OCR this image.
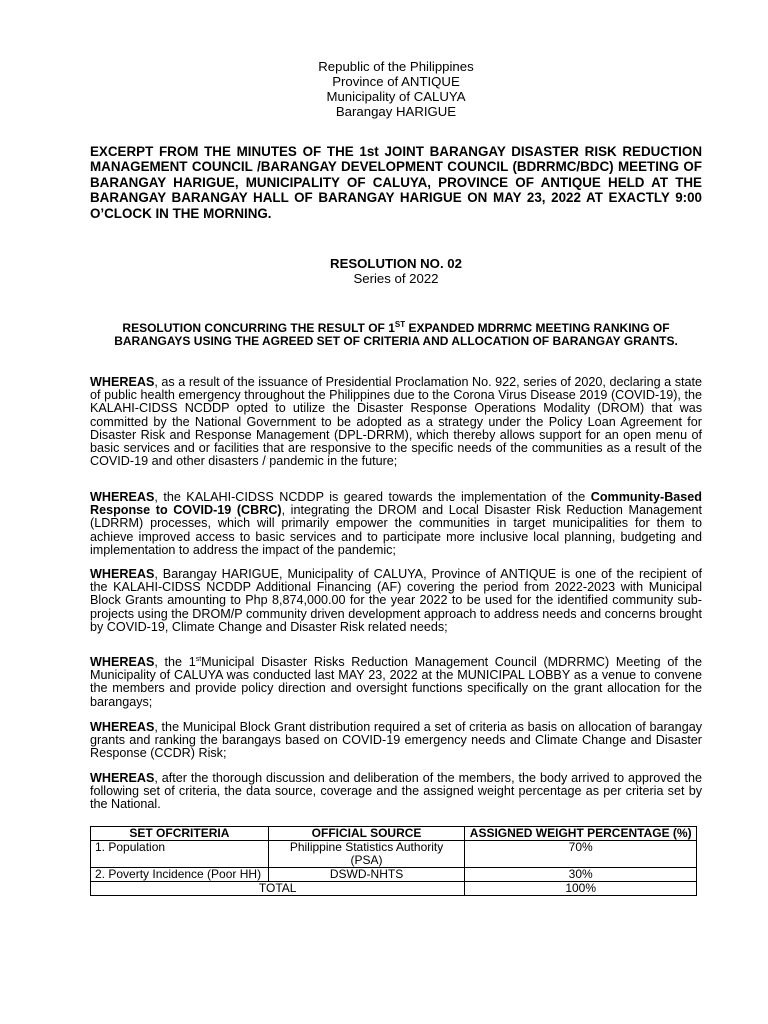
Republic of the Philippines
Province of ANTIQUE
Municipality of CALUYA
Barangay HARIGUE
EXCERPT FROM THE MINUTES OF THE 1st JOINT BARANGAY DISASTER RISK REDUCTION MANAGEMENT COUNCIL /BARANGAY DEVELOPMENT COUNCIL (BDRRMC/BDC) MEETING OF BARANGAY HARIGUE, MUNICIPALITY OF CALUYA, PROVINCE OF ANTIQUE HELD AT THE BARANGAY BARANGAY HALL OF BARANGAY HARIGUE ON MAY 23, 2022 AT EXACTLY 9:00 O’CLOCK IN THE MORNING.
RESOLUTION NO. 02
Series of 2022
RESOLUTION CONCURRING THE RESULT OF 1ST EXPANDED MDRRMC MEETING RANKING OF BARANGAYS USING THE AGREED SET OF CRITERIA AND ALLOCATION OF BARANGAY GRANTS.
WHEREAS, as a result of the issuance of Presidential Proclamation No. 922, series of 2020, declaring a state of public health emergency throughout the Philippines due to the Corona Virus Disease 2019 (COVID-19), the KALAHI-CIDSS NCDDP opted to utilize the Disaster Response Operations Modality (DROM) that was committed by the National Government to be adopted as a strategy under the Policy Loan Agreement for Disaster Risk and Response Management (DPL-DRRM), which thereby allows support for an open menu of basic services and or facilities that are responsive to the specific needs of the communities as a result of the COVID-19 and other disasters / pandemic in the future;
WHEREAS, the KALAHI-CIDSS NCDDP is geared towards the implementation of the Community-Based Response to COVID-19 (CBRC), integrating the DROM and Local Disaster Risk Reduction Management (LDRRM) processes, which will primarily empower the communities in target municipalities for them to achieve improved access to basic services and to participate more inclusive local planning, budgeting and implementation to address the impact of the pandemic;
WHEREAS, Barangay HARIGUE, Municipality of CALUYA, Province of ANTIQUE is one of the recipient of the KALAHI-CIDSS NCDDP Additional Financing (AF) covering the period from 2022-2023 with Municipal Block Grants amounting to Php 8,874,000.00 for the year 2022 to be used for the identified community sub-projects using the DROM/P community driven development approach to address needs and concerns brought by COVID-19, Climate Change and Disaster Risk related needs;
WHEREAS, the 1stMunicipal Disaster Risks Reduction Management Council (MDRRMC) Meeting of the Municipality of CALUYA was conducted last MAY 23, 2022 at the MUNICIPAL LOBBY as a venue to convene the members and provide policy direction and oversight functions specifically on the grant allocation for the barangays;
WHEREAS, the Municipal Block Grant distribution required a set of criteria as basis on allocation of barangay grants and ranking the barangays based on COVID-19 emergency needs and Climate Change and Disaster Response (CCDR) Risk;
WHEREAS, after the thorough discussion and deliberation of the members, the body arrived to approved the following set of criteria, the data source, coverage and the assigned weight percentage as per criteria set by the National.
SET OFCRITERIA	OFFICIAL SOURCE	ASSIGNED WEIGHT PERCENTAGE (%)
1. Population	Philippine Statistics Authority (PSA)	70%
2. Poverty Incidence (Poor HH)	DSWD-NHTS	30%
TOTAL		100%
